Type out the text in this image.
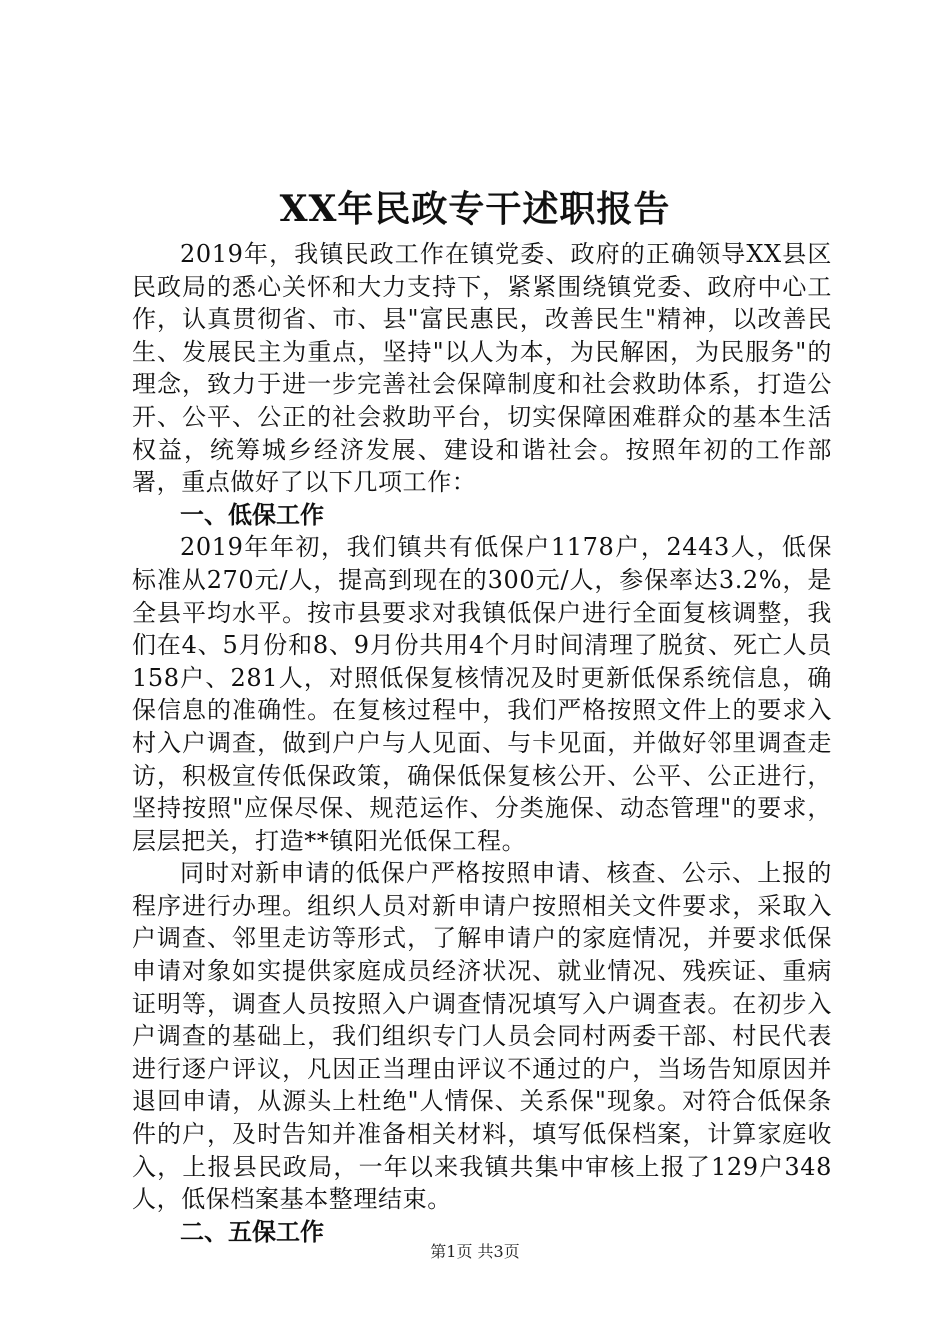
XX年民政专干述职报告

2019年，我镇民政工作在镇党委、政府的正确领导XX县区民政局的悉心关怀和大力支持下，紧紧围绕镇党委、政府中心工作，认真贯彻省、市、县"富民惠民，改善民生"精神，以改善民生、发展民主为重点，坚持"以人为本，为民解困，为民服务"的理念，致力于进一步完善社会保障制度和社会救助体系，打造公开、公平、公正的社会救助平台，切实保障困难群众的基本生活权益，统筹城乡经济发展、建设和谐社会。按照年初的工作部署，重点做好了以下几项工作：

一、低保工作

2019年年初，我们镇共有低保户1178户，2443人，低保标准从270元/人，提高到现在的300元/人，参保率达3.2%，是全县平均水平。按市县要求对我镇低保户进行全面复核调整，我们在4、5月份和8、9月份共用4个月时间清理了脱贫、死亡人员158户、281人，对照低保复核情况及时更新低保系统信息，确保信息的准确性。在复核过程中，我们严格按照文件上的要求入村入户调查，做到户户与人见面、与卡见面，并做好邻里调查走访，积极宣传低保政策，确保低保复核公开、公平、公正进行，坚持按照"应保尽保、规范运作、分类施保、动态管理"的要求，层层把关，打造**镇阳光低保工程。

同时对新申请的低保户严格按照申请、核查、公示、上报的程序进行办理。组织人员对新申请户按照相关文件要求，采取入户调查、邻里走访等形式，了解申请户的家庭情况，并要求低保申请对象如实提供家庭成员经济状况、就业情况、残疾证、重病证明等，调查人员按照入户调查情况填写入户调查表。在初步入户调查的基础上，我们组织专门人员会同村两委干部、村民代表进行逐户评议，凡因正当理由评议不通过的户，当场告知原因并退回申请，从源头上杜绝"人情保、关系保"现象。对符合低保条件的户，及时告知并准备相关材料，填写低保档案，计算家庭收入，上报县民政局，一年以来我镇共集中审核上报了129户348人，低保档案基本整理结束。

二、五保工作

第1页 共3页
